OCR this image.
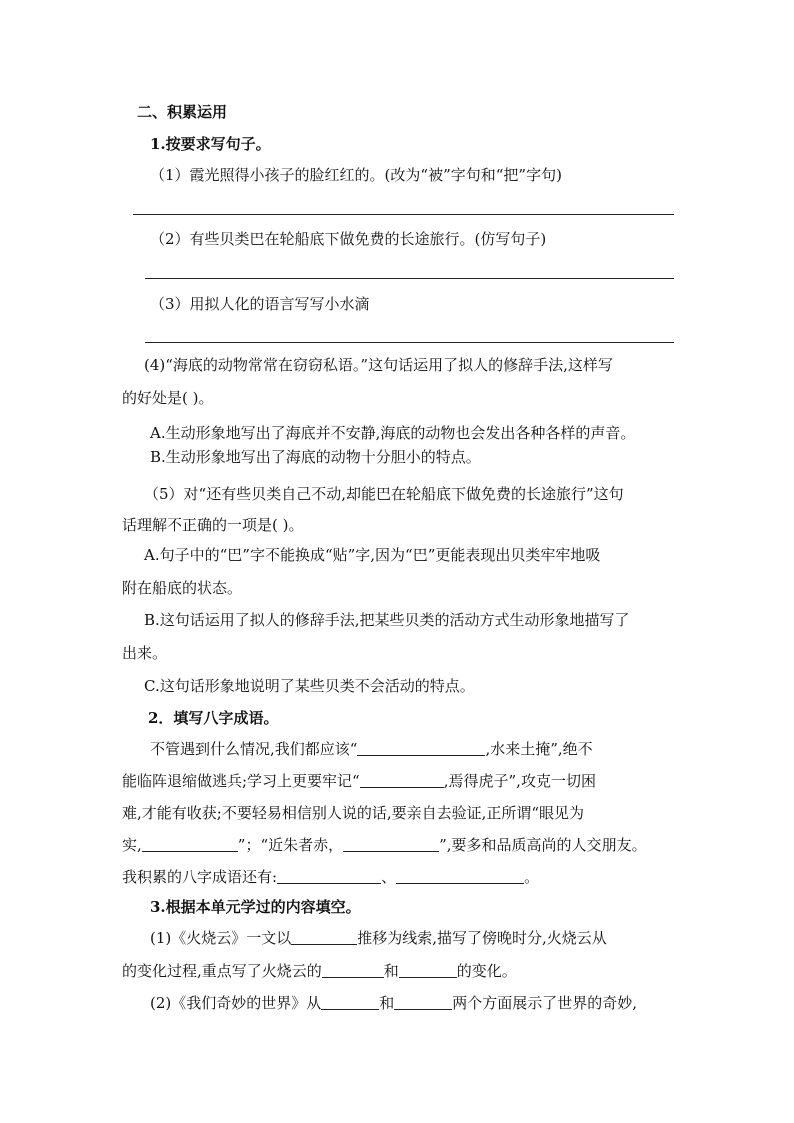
二、积累运用
1.按要求写句子。
（1）霞光照得小孩子的脸红红的。(改为“被”字句和“把”字句)
（2）有些贝类巴在轮船底下做免费的长途旅行。(仿写句子)
（3）用拟人化的语言写写小水滴
(4)“海底的动物常常在窃窃私语。”这句话运用了拟人的修辞手法,这样写
的好处是( )。
A.生动形象地写出了海底并不安静,海底的动物也会发出各种各样的声音。
B.生动形象地写出了海底的动物十分胆小的特点。
（5）对“还有些贝类自己不动,却能巴在轮船底下做免费的长途旅行”这句
话理解不正确的一项是( )。
A.句子中的“巴”字不能换成“贴”字,因为“巴”更能表现出贝类牢牢地吸
附在船底的状态。
B.这句话运用了拟人的修辞手法,把某些贝类的活动方式生动形象地描写了
出来。
C.这句话形象地说明了某些贝类不会活动的特点。
2．填写八字成语。
不管遇到什么情况,我们都应该“	,水来土掩”,绝不
能临阵退缩做逃兵;学习上更要牢记“	,焉得虎子”,攻克一切困
难,才能有收获;不要轻易相信别人说的话,要亲自去验证,正所谓“眼见为
实,	”；“近朱者赤，	”,要多和品质高尚的人交朋友。
我积累的八字成语还有:	、	。
3.根据本单元学过的内容填空。
(1)《火烧云》一文以	推移为线索,描写了傍晚时分,火烧云从
的变化过程,重点写了火烧云的	和	的变化。
(2)《我们奇妙的世界》从	和	两个方面展示了世界的奇妙,
